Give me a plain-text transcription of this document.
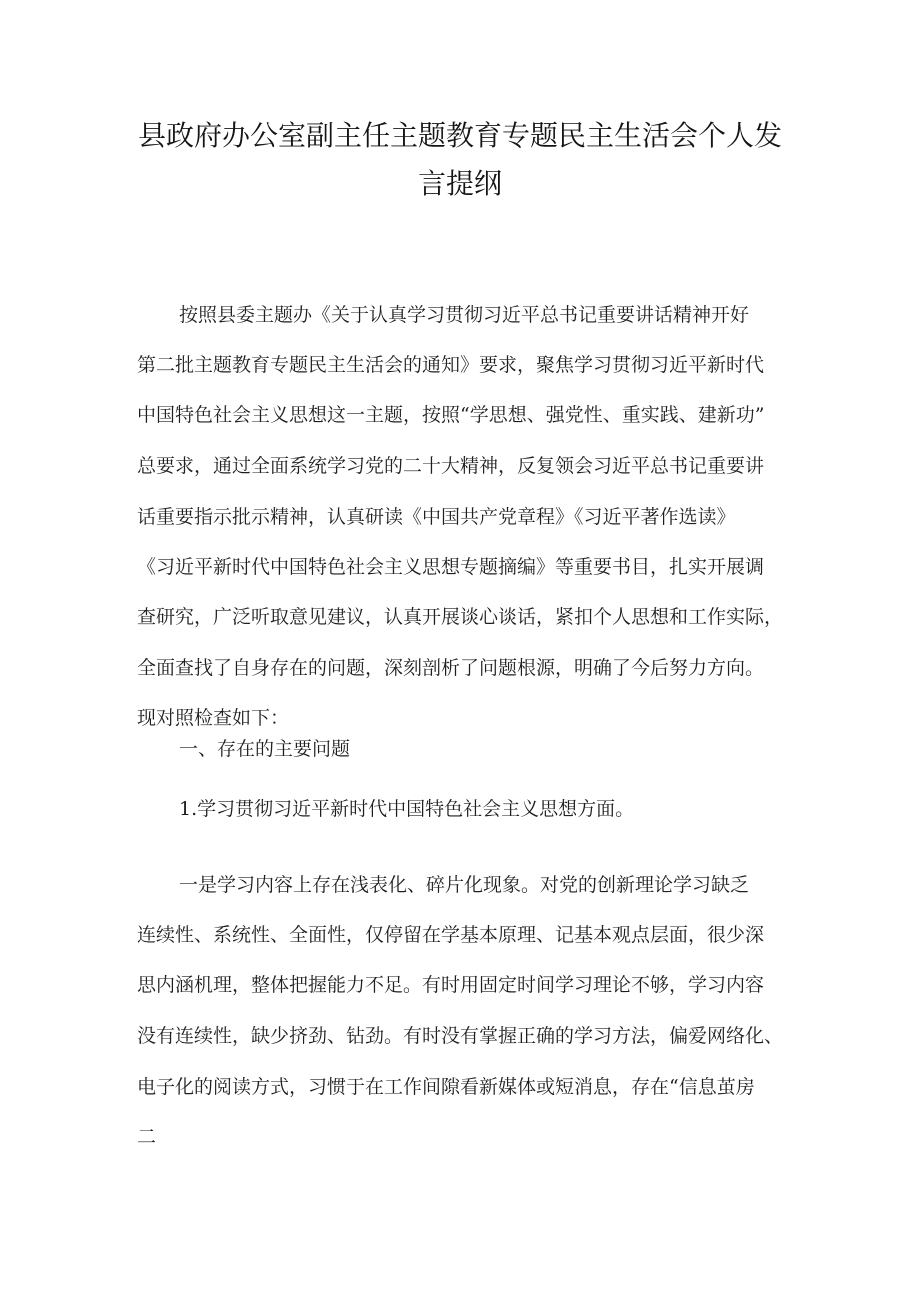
县政府办公室副主任主题教育专题民主生活会个人发
言提纲
按照县委主题办《关于认真学习贯彻习近平总书记重要讲话精神开好
第二批主题教育专题民主生活会的通知》要求，聚焦学习贯彻习近平新时代
中国特色社会主义思想这一主题，按照“学思想、强党性、重实践、建新功”
总要求，通过全面系统学习党的二十大精神，反复领会习近平总书记重要讲
话重要指示批示精神，认真研读《中国共产党章程》《习近平著作选读》
《习近平新时代中国特色社会主义思想专题摘编》等重要书目，扎实开展调
查研究，广泛听取意见建议，认真开展谈心谈话，紧扣个人思想和工作实际，
全面查找了自身存在的问题，深刻剖析了问题根源，明确了今后努力方向。
现对照检查如下：
一、存在的主要问题
1.学习贯彻习近平新时代中国特色社会主义思想方面。
一是学习内容上存在浅表化、碎片化现象。对党的创新理论学习缺乏
连续性、系统性、全面性，仅停留在学基本原理、记基本观点层面，很少深
思内涵机理，整体把握能力不足。有时用固定时间学习理论不够，学习内容
没有连续性，缺少挤劲、钻劲。有时没有掌握正确的学习方法，偏爱网络化、
电子化的阅读方式，习惯于在工作间隙看新媒体或短消息，存在“信息茧房
二
